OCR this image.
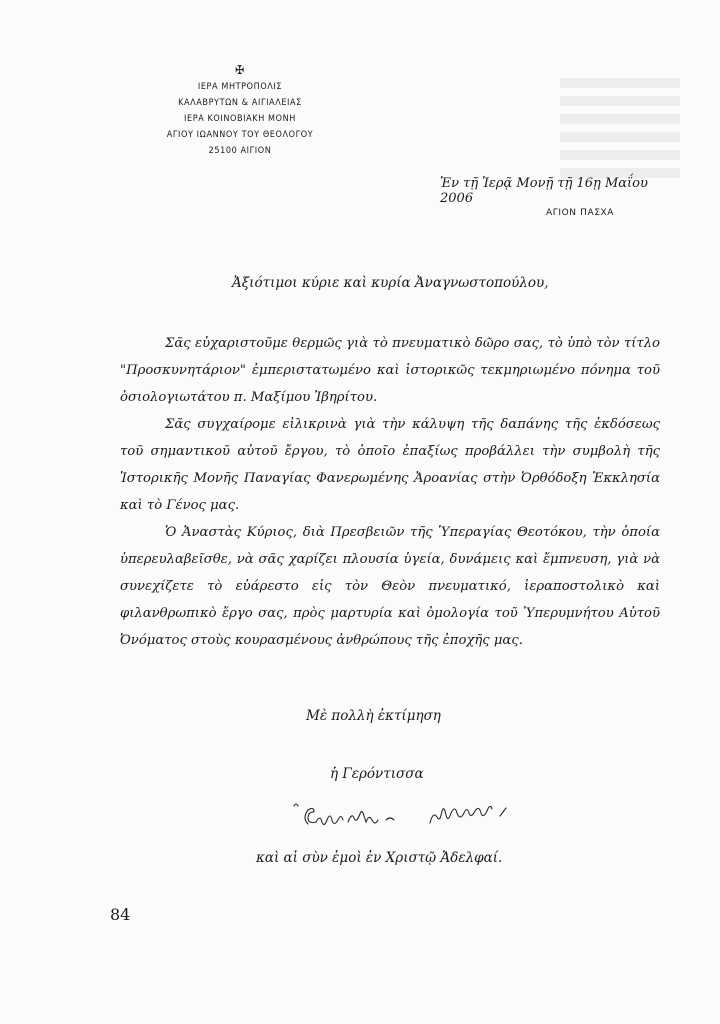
✠
ΙΕΡΑ ΜΗΤΡΟΠΟΛΙΣ
ΚΑΛΑΒΡΥΤΩΝ & ΑΙΓΙΑΛΕΙΑΣ
ΙΕΡΑ ΚΟΙΝΟΒΙΑΚΗ ΜΟΝΗ
ΑΓΙΟΥ ΙΩΑΝΝΟΥ ΤΟΥ ΘΕΟΛΟΓΟΥ
25100 ΑΙΓΙΟΝ
Ἐν τῇ Ἱερᾷ Μονῇ τῇ 16ῃ Μαΐου 2006
ΑΓΙΟΝ ΠΑΣΧΑ
Ἀξιότιμοι κύριε καὶ κυρία Ἀναγνωστοπούλου,

Σᾶς εὐχαριστοῦμε θερμῶς γιὰ τὸ πνευματικὸ δῶρο σας, τὸ ὑπὸ τὸν τίτλο "Προσκυνητάριον" ἐμπεριστατωμένο καὶ ἱστορικῶς τεκμηριωμένο πόνημα τοῦ ὁσιολογιωτάτου π. Μαξίμου Ἰβηρίτου.

Σᾶς συγχαίρομε εἰλικρινὰ γιὰ τὴν κάλυψη τῆς δαπάνης τῆς ἐκδόσεως τοῦ σημαντικοῦ αὐτοῦ ἔργου, τὸ ὁποῖο ἐπαξίως προβάλλει τὴν συμβολὴ τῆς Ἱστορικῆς Μονῆς Παναγίας Φανερωμένης Ἀροανίας στὴν Ὀρθόδοξη Ἐκκλησία καὶ τὸ Γένος μας.

Ὁ Ἀναστὰς Κύριος, διὰ Πρεσβειῶν τῆς Ὑπεραγίας Θεοτόκου, τὴν ὁποία ὑπερευλαβεῖσθε, νὰ σᾶς χαρίζει πλουσία ὑγεία, δυνάμεις καὶ ἔμπνευση, γιὰ νὰ συνεχίζετε τὸ εὐάρεστο εἰς τὸν Θεὸν πνευματικό, ἱεραποστολικὸ καὶ φιλανθρωπικὸ ἔργο σας, πρὸς μαρτυρία καὶ ὁμολογία τοῦ Ὑπερυμνήτου Αὐτοῦ Ὀνόματος στοὺς κουρασμένους ἀνθρώπους τῆς ἐποχῆς μας.

Μὲ πολλὴ ἐκτίμηση
ἡ Γερόντισσα
καὶ αἱ σὺν ἐμοὶ ἐν Χριστῷ Ἀδελφαί.
84
